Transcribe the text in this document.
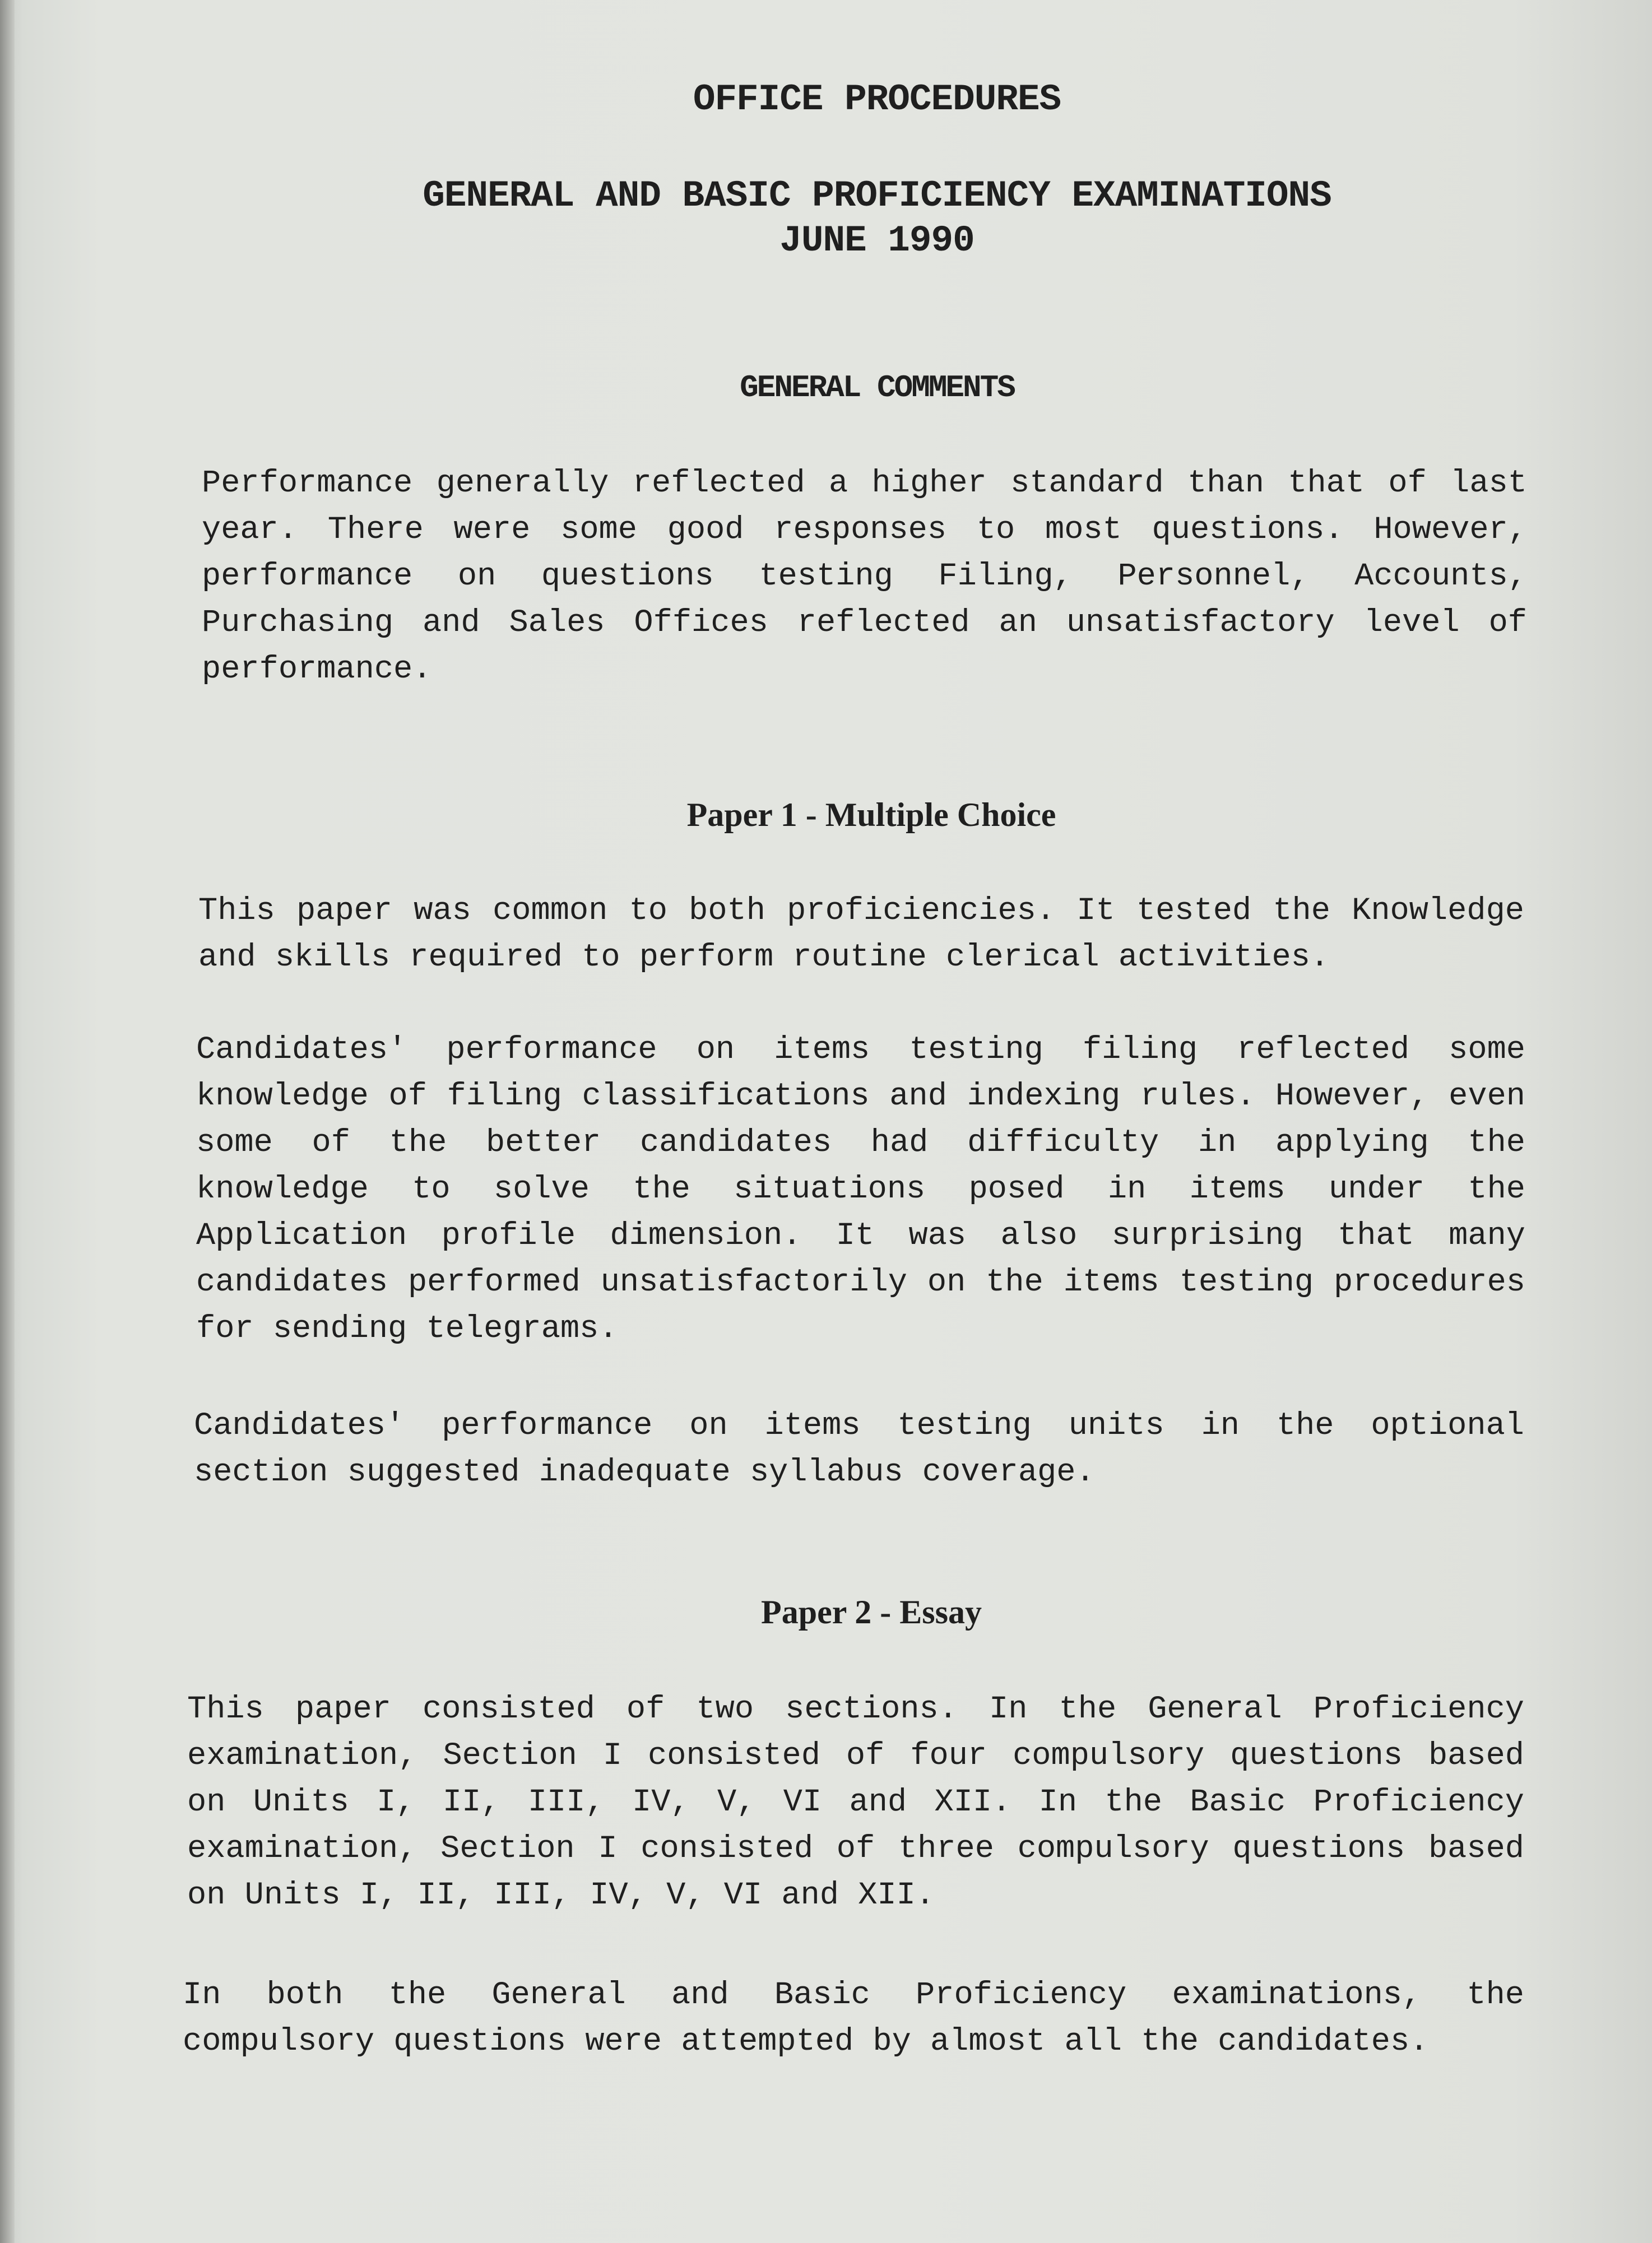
OFFICE PROCEDURES
GENERAL AND BASIC PROFICIENCY EXAMINATIONS
JUNE 1990
GENERAL COMMENTS

Performance generally reflected a higher standard than that of last year. There were some good responses to most questions. However, performance on questions testing Filing, Personnel, Accounts, Purchasing and Sales Offices reflected an unsatisfactory level of performance.

Paper 1 - Multiple Choice

This paper was common to both proficiencies. It tested the Knowledge and skills required to perform routine clerical activities.

Candidates' performance on items testing filing reflected some knowledge of filing classifications and indexing rules. However, even some of the better candidates had difficulty in applying the knowledge to solve the situations posed in items under the Application profile dimension. It was also surprising that many candidates performed unsatisfactorily on the items testing procedures for sending telegrams.

Candidates' performance on items testing units in the optional section suggested inadequate syllabus coverage.

Paper 2 - Essay

This paper consisted of two sections. In the General Proficiency examination, Section I consisted of four compulsory questions based on Units I, II, III, IV, V, VI and XII. In the Basic Proficiency examination, Section I consisted of three compulsory questions based on Units I, II, III, IV, V, VI and XII.

In both the General and Basic Proficiency examinations, the compulsory questions were attempted by almost all the candidates.
